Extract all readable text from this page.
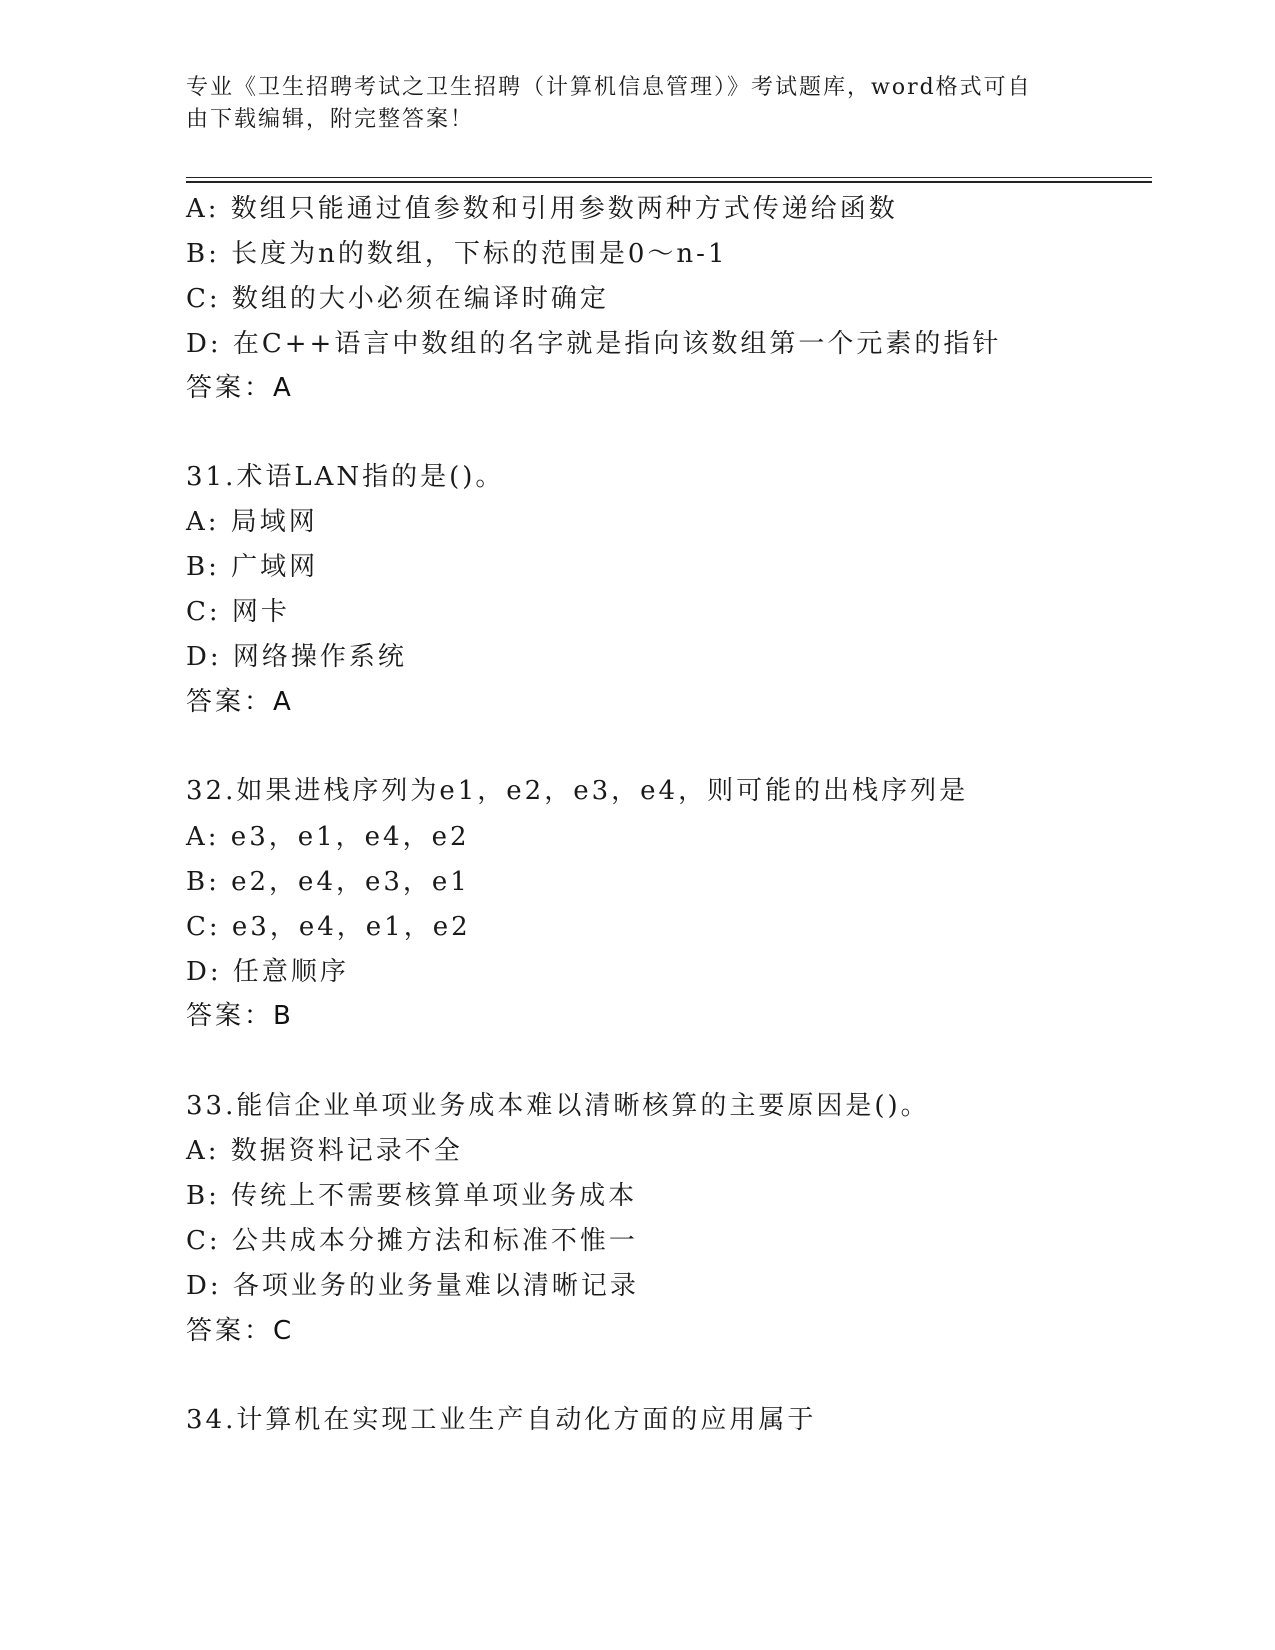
专业《卫生招聘考试之卫生招聘（计算机信息管理）》考试题库，word格式可自
由下载编辑，附完整答案！
A: 数组只能通过值参数和引用参数两种方式传递给函数
B: 长度为n的数组，下标的范围是0～n-1
C: 数组的大小必须在编译时确定
D: 在C++语言中数组的名字就是指向该数组第一个元素的指针
答案：A
31.术语LAN指的是()。
A: 局域网
B: 广域网
C: 网卡
D: 网络操作系统
答案：A
32.如果进栈序列为e1，e2，e3，e4，则可能的出栈序列是
A: e3，e1，e4，e2
B: e2，e4，e3，e1
C: e3，e4，e1，e2
D: 任意顺序
答案：B
33.能信企业单项业务成本难以清晰核算的主要原因是()。
A: 数据资料记录不全
B: 传统上不需要核算单项业务成本
C: 公共成本分摊方法和标准不惟一
D: 各项业务的业务量难以清晰记录
答案：C
34.计算机在实现工业生产自动化方面的应用属于
